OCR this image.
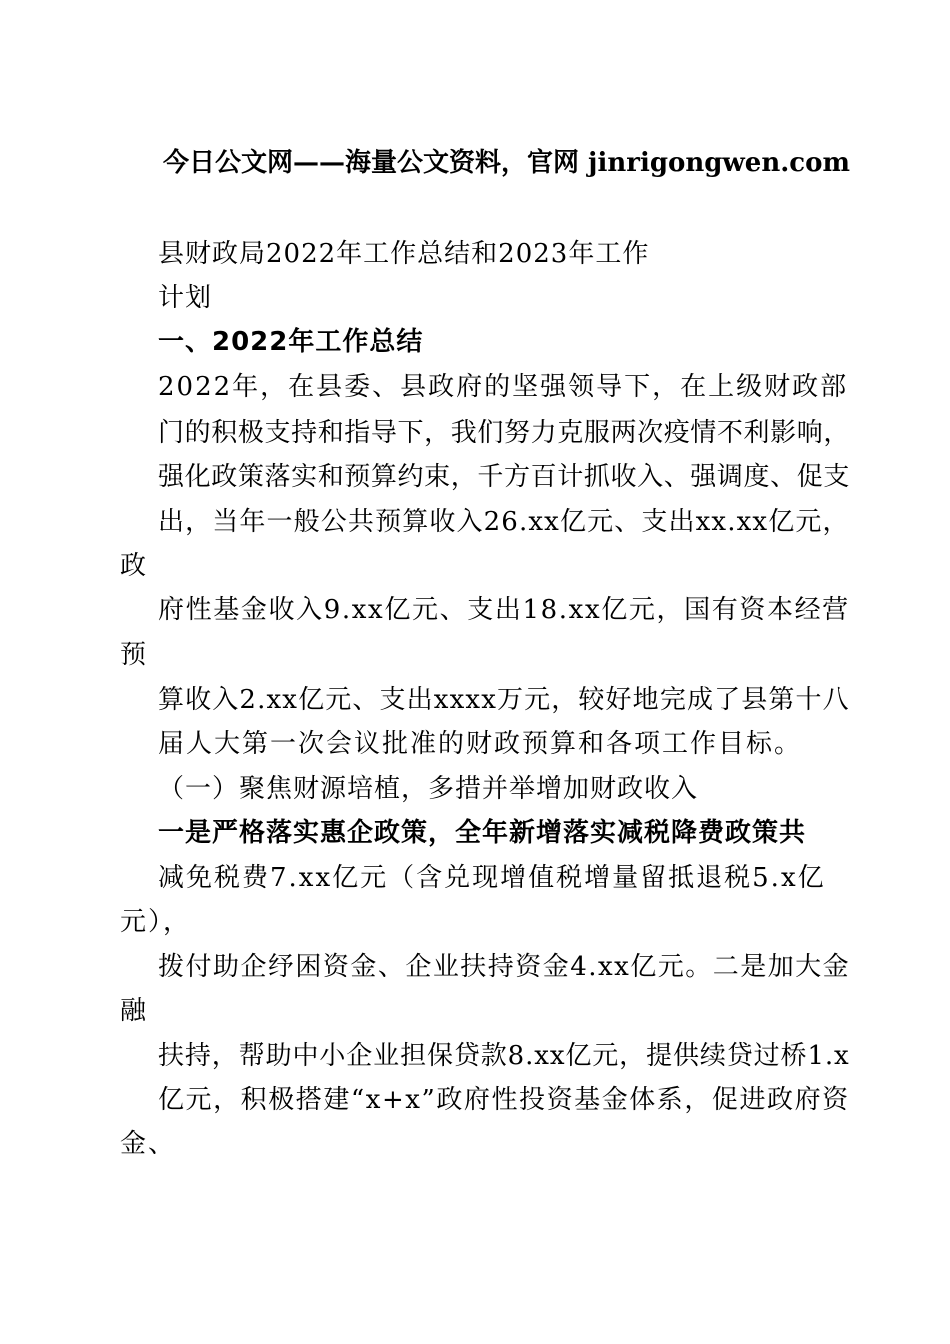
今日公文网——海量公文资料，官网 jinrigongwen.com
县财政局2022年工作总结和2023年工作
计划
一、2022年工作总结
2022年，在县委、县政府的坚强领导下，在上级财政部
门的积极支持和指导下，我们努力克服两次疫情不利影响，
强化政策落实和预算约束，千方百计抓收入、强调度、促支
出，当年一般公共预算收入26.xx亿元、支出xx.xx亿元，
政
府性基金收入9.xx亿元、支出18.xx亿元，国有资本经营
预
算收入2.xx亿元、支出xxxx万元，较好地完成了县第十八
届人大第一次会议批准的财政预算和各项工作目标。
（一）聚焦财源培植，多措并举增加财政收入
一是严格落实惠企政策，全年新增落实减税降费政策共
减免税费7.xx亿元（含兑现增值税增量留抵退税5.x亿
元），
拨付助企纾困资金、企业扶持资金4.xx亿元。二是加大金
融
扶持，帮助中小企业担保贷款8.xx亿元，提供续贷过桥1.x
亿元，积极搭建“x+x”政府性投资基金体系，促进政府资
金、
